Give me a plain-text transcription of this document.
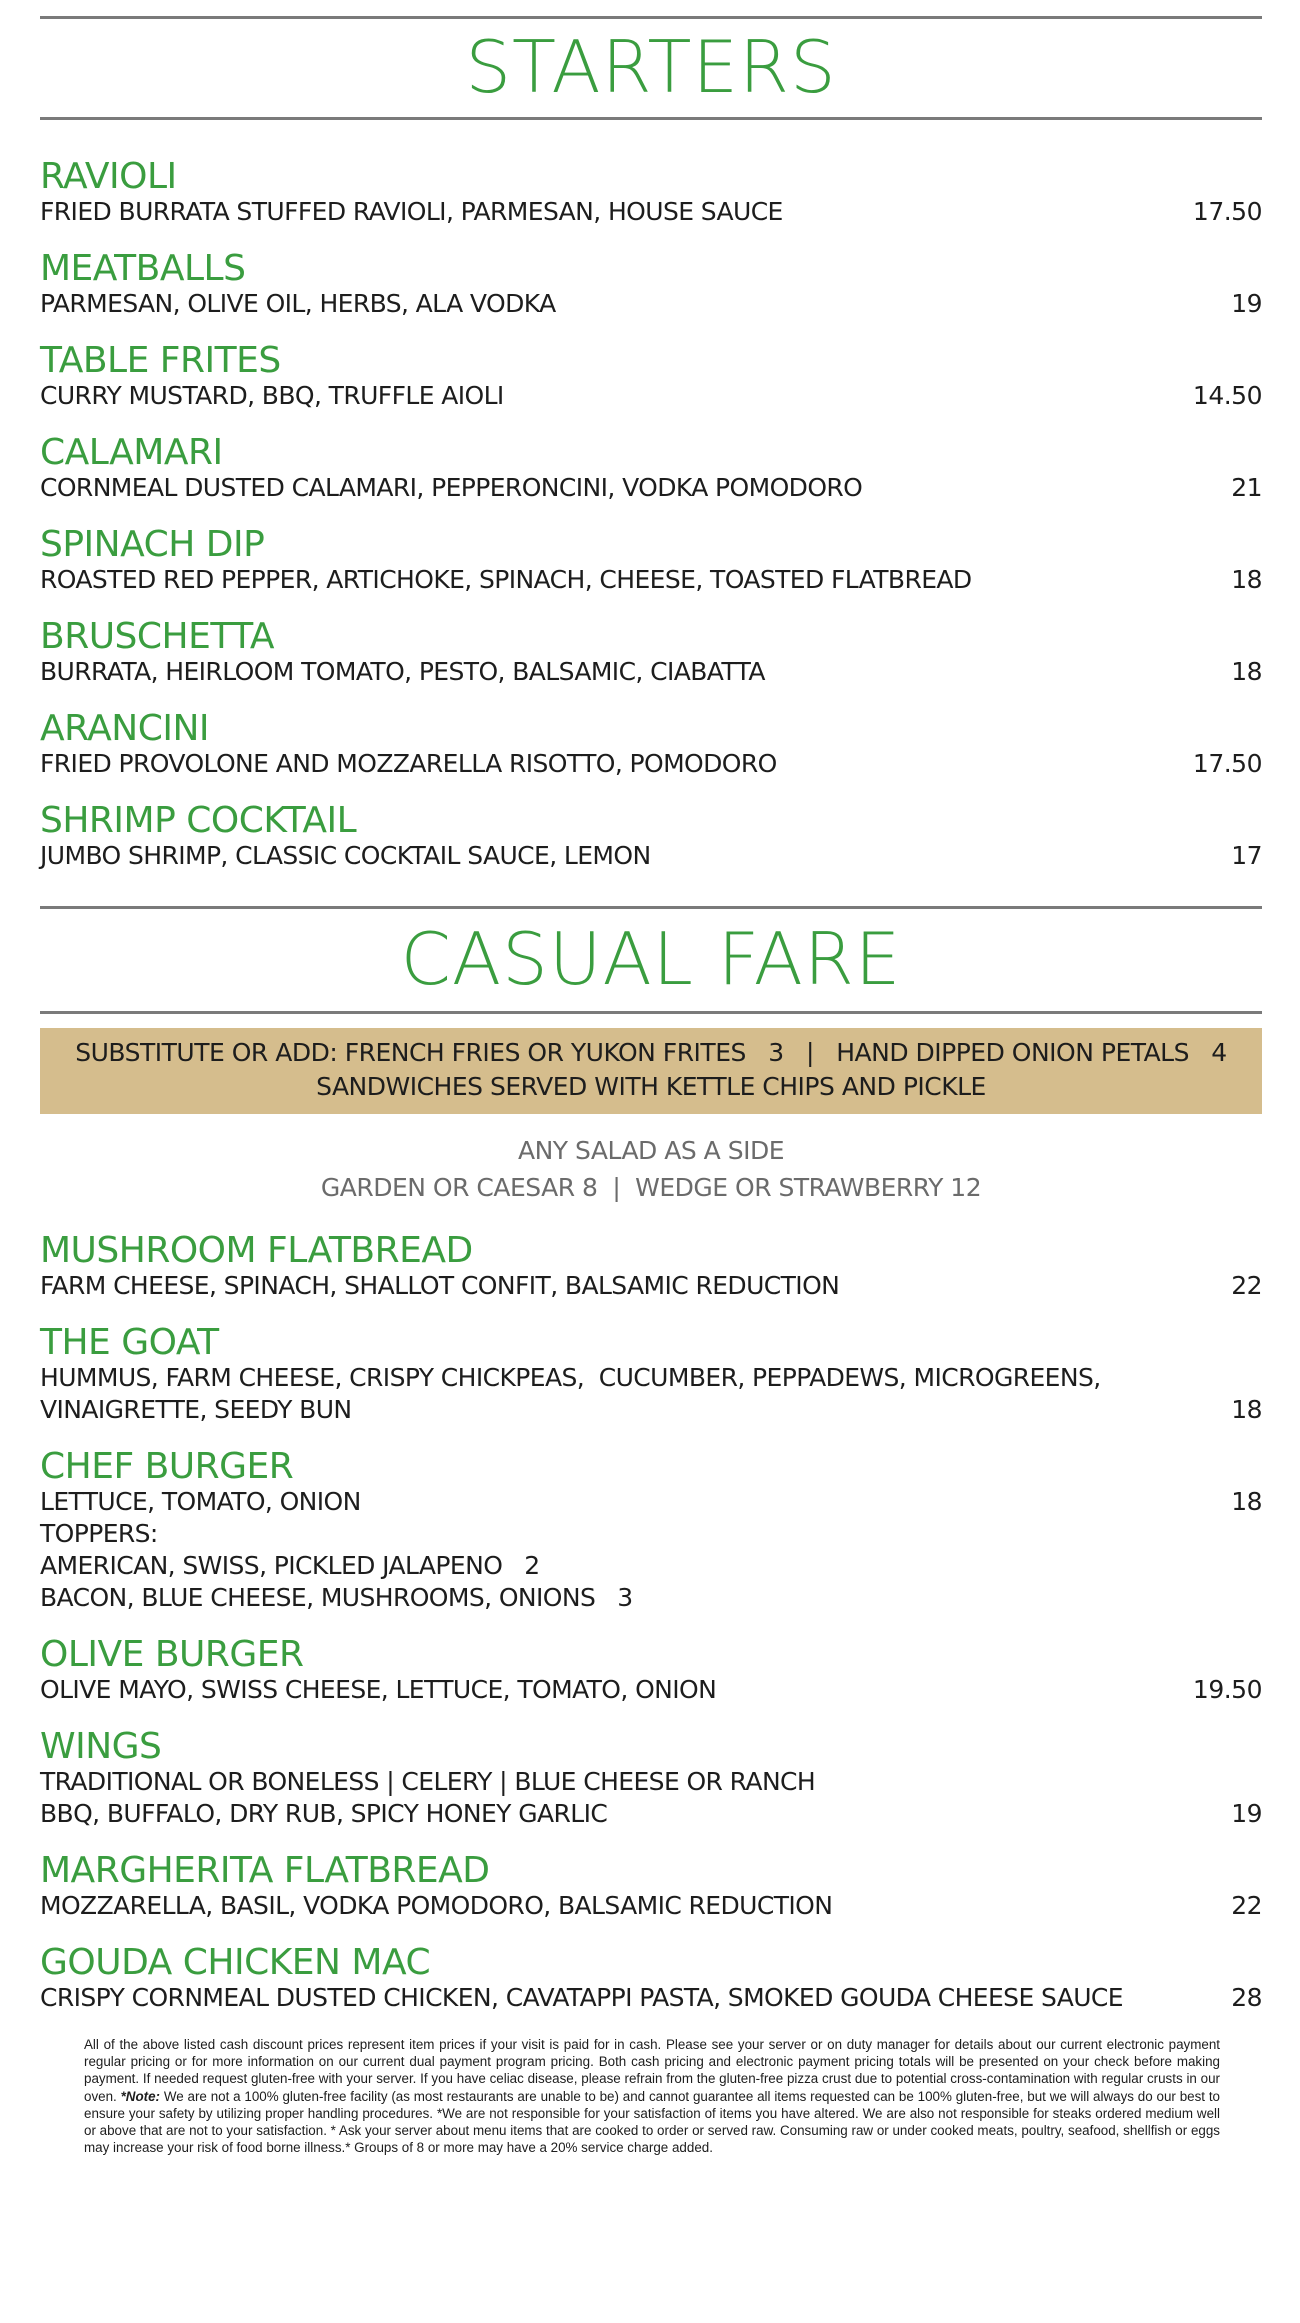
STARTERS
RAVIOLI
FRIED BURRATA STUFFED RAVIOLI, PARMESAN, HOUSE SAUCE	17.50
MEATBALLS
PARMESAN, OLIVE OIL, HERBS, ALA VODKA	19
TABLE FRITES
CURRY MUSTARD, BBQ, TRUFFLE AIOLI	14.50
CALAMARI
CORNMEAL DUSTED CALAMARI, PEPPERONCINI, VODKA POMODORO	21
SPINACH DIP
ROASTED RED PEPPER, ARTICHOKE, SPINACH, CHEESE, TOASTED FLATBREAD	18
BRUSCHETTA
BURRATA, HEIRLOOM TOMATO, PESTO, BALSAMIC, CIABATTA	18
ARANCINI
FRIED PROVOLONE AND MOZZARELLA RISOTTO, POMODORO	17.50
SHRIMP COCKTAIL
JUMBO SHRIMP, CLASSIC COCKTAIL SAUCE, LEMON	17
CASUAL FARE
SUBSTITUTE OR ADD: FRENCH FRIES OR YUKON FRITES   3   |   HAND DIPPED ONION PETALS   4
SANDWICHES SERVED WITH KETTLE CHIPS AND PICKLE
ANY SALAD AS A SIDE
GARDEN OR CAESAR 8  |  WEDGE OR STRAWBERRY 12
MUSHROOM FLATBREAD
FARM CHEESE, SPINACH, SHALLOT CONFIT, BALSAMIC REDUCTION	22
THE GOAT
HUMMUS, FARM CHEESE, CRISPY CHICKPEAS,  CUCUMBER, PEPPADEWS, MICROGREENS,
VINAIGRETTE, SEEDY BUN	18
CHEF BURGER
LETTUCE, TOMATO, ONION	18
TOPPERS:
AMERICAN, SWISS, PICKLED JALAPENO   2
BACON, BLUE CHEESE, MUSHROOMS, ONIONS   3
OLIVE BURGER
OLIVE MAYO, SWISS CHEESE, LETTUCE, TOMATO, ONION	19.50
WINGS
TRADITIONAL OR BONELESS | CELERY | BLUE CHEESE OR RANCH
BBQ, BUFFALO, DRY RUB, SPICY HONEY GARLIC	19
MARGHERITA FLATBREAD
MOZZARELLA, BASIL, VODKA POMODORO, BALSAMIC REDUCTION	22
GOUDA CHICKEN MAC
CRISPY CORNMEAL DUSTED CHICKEN, CAVATAPPI PASTA, SMOKED GOUDA CHEESE SAUCE	28
All of the above listed cash discount prices represent item prices if your visit is paid for in cash. Please see your server or on duty manager for details about our current electronic payment regular pricing or for more information on our current dual payment program pricing. Both cash pricing and electronic payment pricing totals will be presented on your check before making payment. If needed request gluten-free with your server. If you have celiac disease, please refrain from the gluten-free pizza crust due to potential cross-contamination with regular crusts in our oven. *Note: We are not a 100% gluten-free facility (as most restaurants are unable to be) and cannot guarantee all items requested can be 100% gluten-free, but we will always do our best to ensure your safety by utilizing proper handling procedures. *We are not responsible for your satisfaction of items you have altered. We are also not responsible for steaks ordered medium well or above that are not to your satisfaction. * Ask your server about menu items that are cooked to order or served raw. Consuming raw or under cooked meats, poultry, seafood, shellfish or eggs may increase your risk of food borne illness.* Groups of 8 or more may have a 20% service charge added.
